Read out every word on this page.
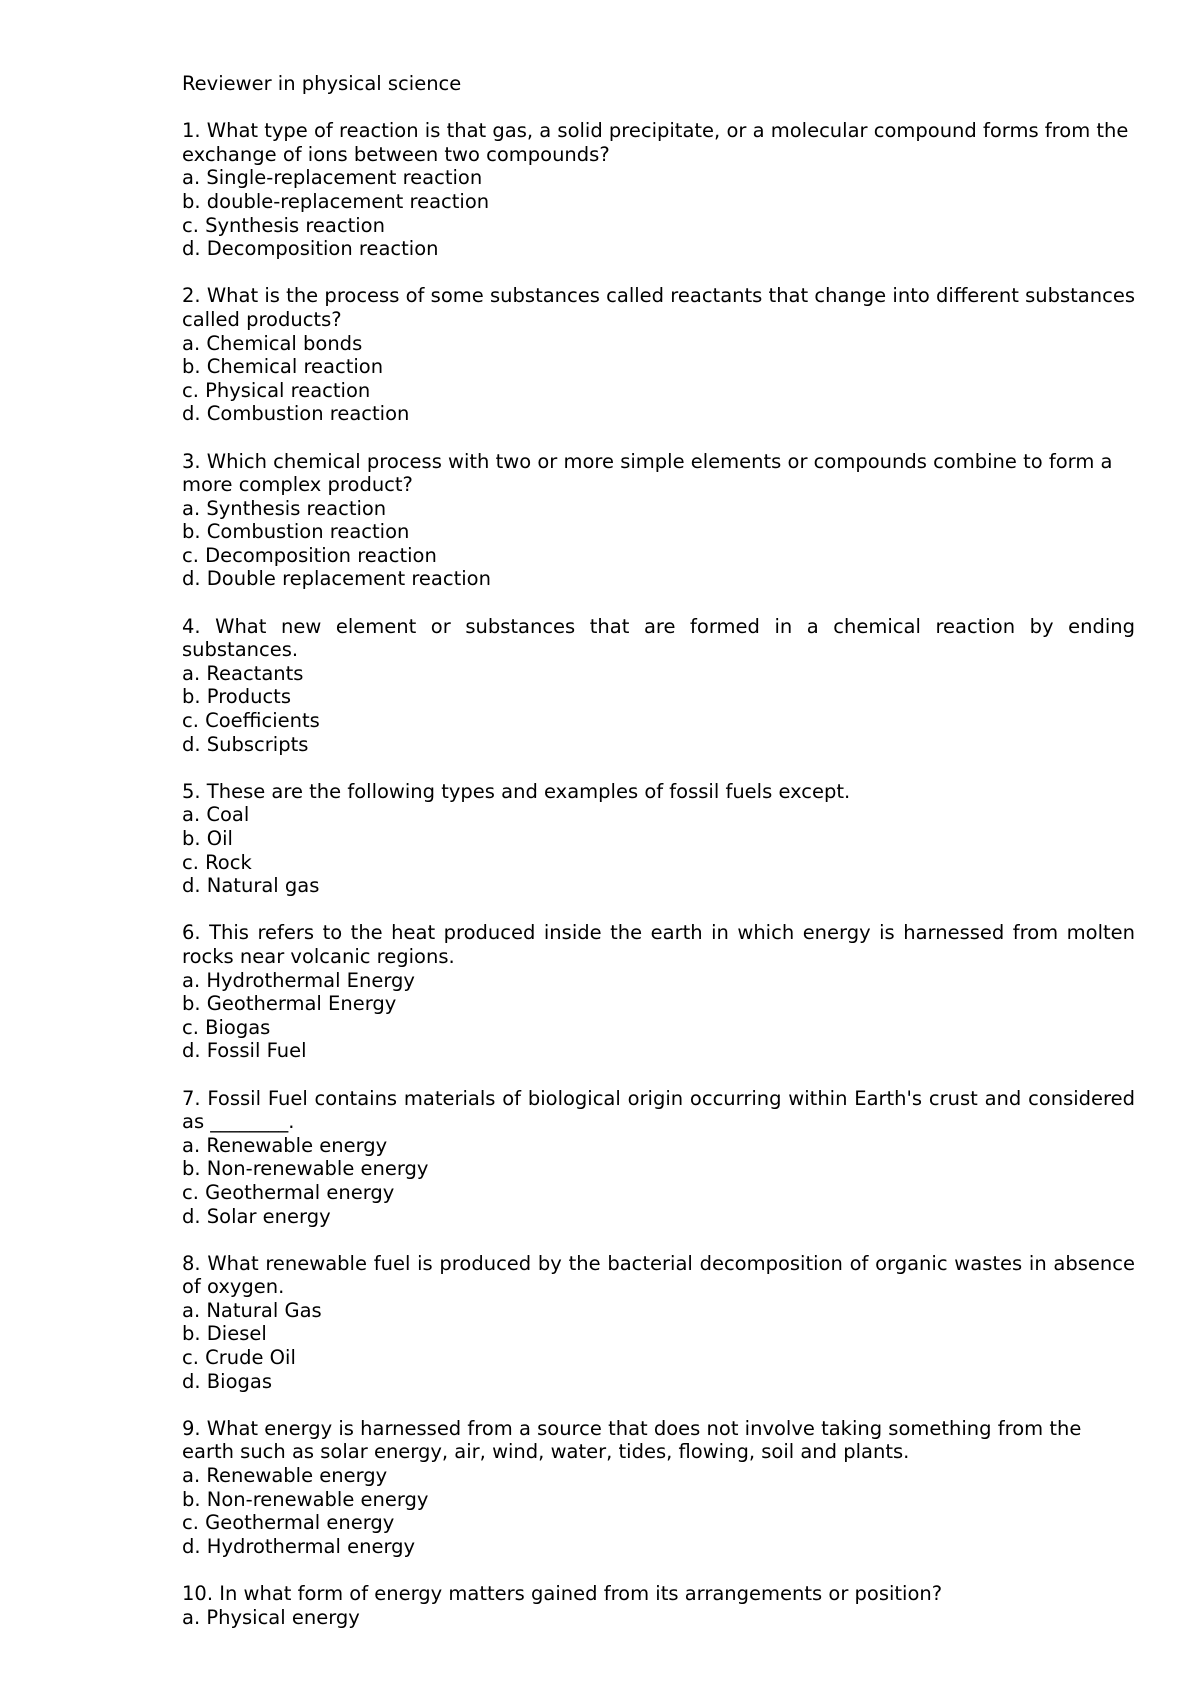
Reviewer in physical science

1. What type of reaction is that gas, a solid precipitate, or a molecular compound forms from the exchange of ions between two compounds?

a. Single-replacement reaction
b. double-replacement reaction
c. Synthesis reaction
d. Decomposition reaction

2. What is the process of some substances called reactants that change into different substances called products?

a. Chemical bonds
b. Chemical reaction
c. Physical reaction
d. Combustion reaction

3. Which chemical process with two or more simple elements or compounds combine to form a more complex product?

a. Synthesis reaction
b. Combustion reaction
c. Decomposition reaction
d. Double replacement reaction

4. What new element or substances that are formed in a chemical reaction by ending substances.

a. Reactants
b. Products
c. Coefficients
d. Subscripts

5. These are the following types and examples of fossil fuels except.

a. Coal
b. Oil
c. Rock
d. Natural gas

6. This refers to the heat produced inside the earth in which energy is harnessed from molten rocks near volcanic regions.

a. Hydrothermal Energy
b. Geothermal Energy
c. Biogas
d. Fossil Fuel

7. Fossil Fuel contains materials of biological origin occurring within Earth's crust and considered as ________.

a. Renewable energy
b. Non-renewable energy
c. Geothermal energy
d. Solar energy

8. What renewable fuel is produced by the bacterial decomposition of organic wastes in absence of oxygen.

a. Natural Gas
b. Diesel
c. Crude Oil
d. Biogas

9. What energy is harnessed from a source that does not involve taking something from the earth such as solar energy, air, wind, water, tides, flowing, soil and plants.

a. Renewable energy
b. Non-renewable energy
c. Geothermal energy
d. Hydrothermal energy

10. In what form of energy matters gained from its arrangements or position?

a. Physical energy
